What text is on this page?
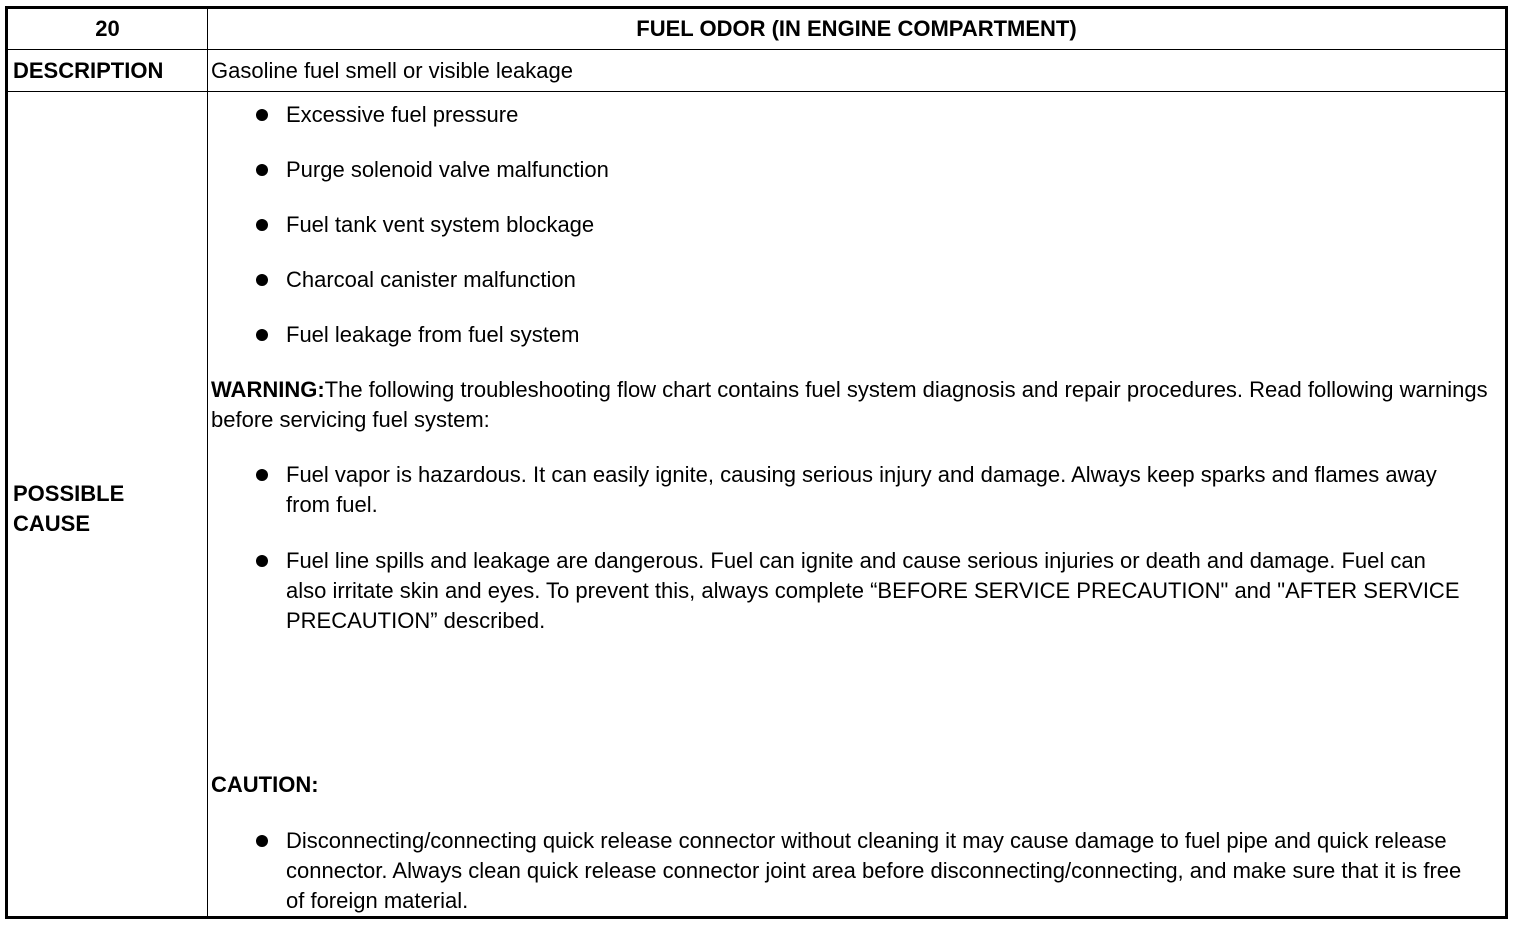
20	FUEL ODOR (IN ENGINE COMPARTMENT)
DESCRIPTION Gasoline fuel smell or visible leakage
POSSIBLE
CAUSE
Excessive fuel pressure
Purge solenoid valve malfunction
Fuel tank vent system blockage
Charcoal canister malfunction
Fuel leakage from fuel system
WARNING:The following troubleshooting flow chart contains fuel system diagnosis and repair procedures. Read following warnings before servicing fuel system:
Fuel vapor is hazardous. It can easily ignite, causing serious injury and damage. Always keep sparks and flames away from fuel.
Fuel line spills and leakage are dangerous. Fuel can ignite and cause serious injuries or death and damage. Fuel can also irritate skin and eyes. To prevent this, always complete “BEFORE SERVICE PRECAUTION" and "AFTER SERVICE PRECAUTION” described.
CAUTION:
Disconnecting/connecting quick release connector without cleaning it may cause damage to fuel pipe and quick release connector. Always clean quick release connector joint area before disconnecting/connecting, and make sure that it is free of foreign material.
